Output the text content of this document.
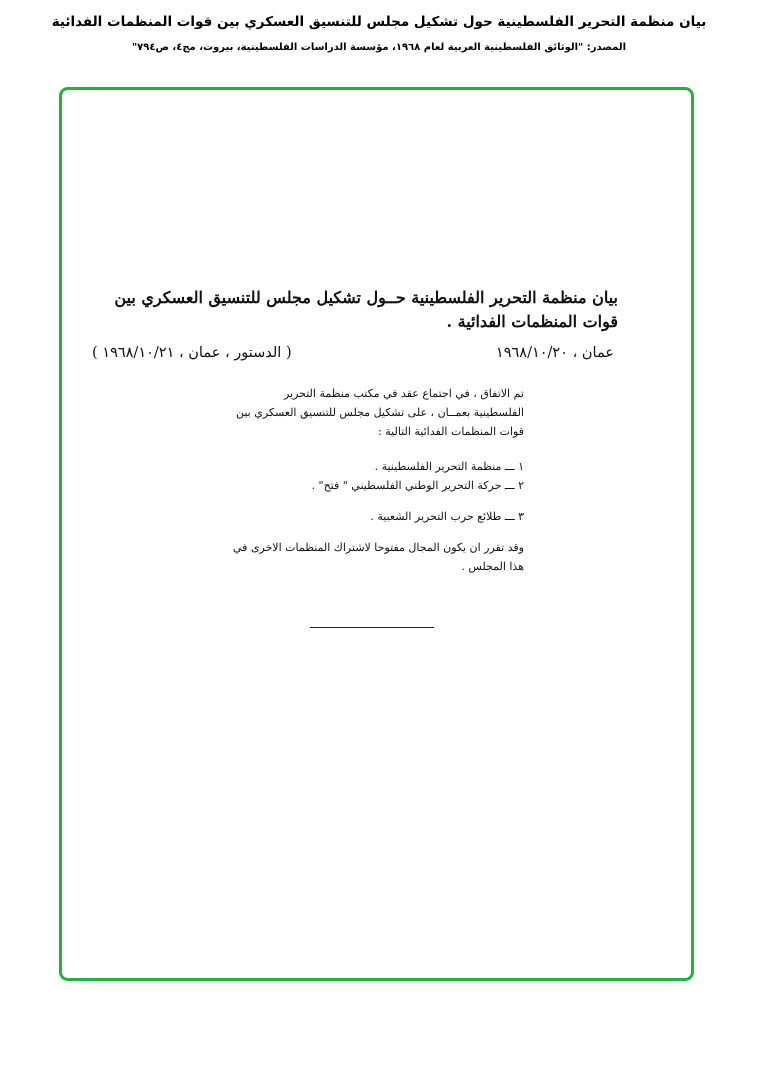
بيان منظمة التحرير الفلسطينية حول تشكيل مجلس للتنسيق العسكري بين قوات المنظمات الفدائية
المصدر: "الوثائق الفلسطينية العربية لعام ١٩٦٨، مؤسسة الدراسات الفلسطينية، بيروت، مج٤، ص٧٩٤"
بيان منظمة التحرير الفلسطينية حــول تشكيل مجلس للتنسيق العسكري بين قوات المنظمات الفدائية .
عمان ، ١٩٦٨/١٠/٢٠
( الدستور ، عمان ، ١٩٦٨/١٠/٢١ )

تم الاتفاق ، في اجتماع عقد في مكتب منظمة التحرير الفلسطينية بعمــان ، على تشكيل مجلس للتنسيق العسكري بين قوات المنظمات الفدائية التالية :

١ ـــ منظمة التحرير الفلسطينية .
٢ ـــ حركة التحرير الوطني الفلسطيني " فتح" .
٣ ـــ طلائع حرب التحرير الشعبية .

وقد تقرر ان يكون المجال مفتوحا لاشتراك المنظمات الاخرى في هذا المجلس .
